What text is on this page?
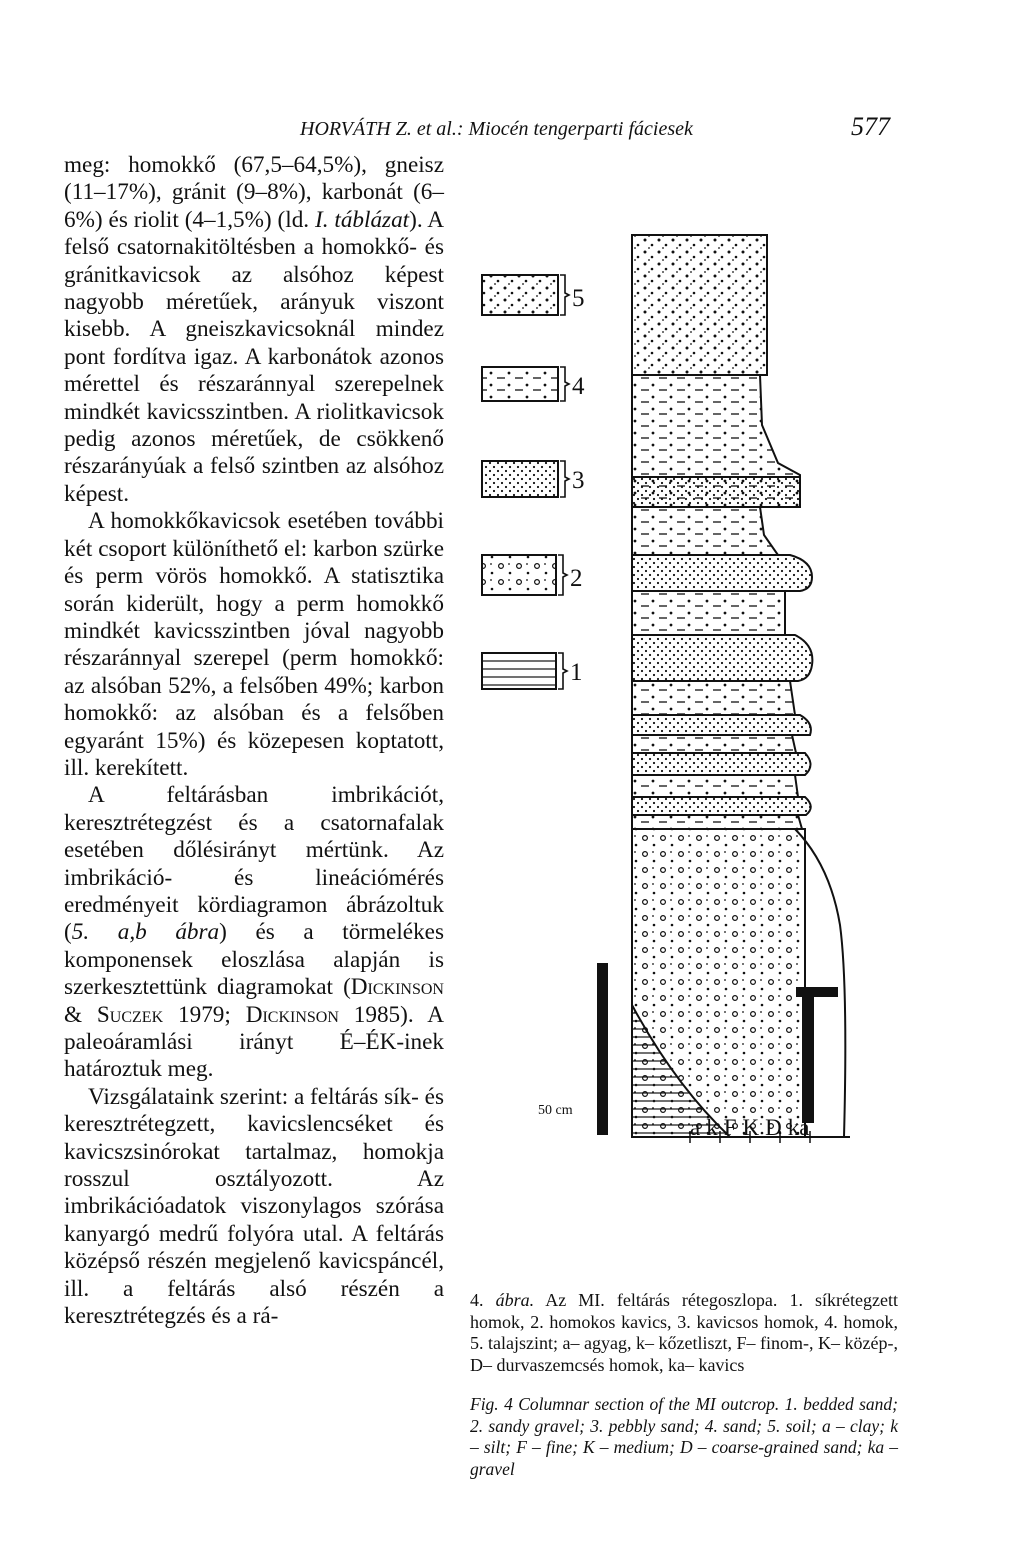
HORVÁTH Z. et al.: Miocén tengerparti fáciesek	577

meg: homokkő (67,5–64,5%), gneisz (11–17%), gránit (9–8%), karbonát (6–6%) és riolit (4–1,5%) (ld. I. táblázat). A felső csatornakitöltésben a homokkő- és gránitkavicsok az alsóhoz képest nagyobb méretűek, arányuk viszont kisebb. A gneiszkavicsoknál mindez pont fordítva igaz. A karbonátok azonos mérettel és részaránnyal szerepelnek mindkét kavicsszintben. A riolitkavicsok pedig azonos méretűek, de csökkenő részarányúak a felső szintben az alsóhoz képest.

A homokkőkavicsok esetében további két csoport különíthető el: karbon szürke és perm vörös homokkő. A statisztika során kiderült, hogy a perm homokkő mindkét kavicsszintben jóval nagyobb részaránnyal szerepel (perm homokkő: az alsóban 52%, a felsőben 49%; karbon homokkő: az alsóban és a felsőben egyaránt 15%) és közepesen koptatott, ill. kerekített.

A feltárásban imbrikációt, keresztrétegzést és a csatornafalak esetében dőlésirányt mértünk. Az imbrikáció- és lineációmérés eredményeit kördiagramon ábrázoltuk (5. a,b ábra) és a törmelékes komponensek eloszlása alapján is szerkesztettünk diagramokat (Dickinson & Suczek 1979; Dickinson 1985). A paleoáramlási irányt É–ÉK-inek határoztuk meg.

Vizsgálataink szerint: a feltárás sík- és keresztrétegzett, kavicslencséket és kavicszsinórokat tartalmaz, homokja rosszul osztályozott. Az imbrikációadatok viszonylagos szórása kanyargó medrű folyóra utal. A feltárás középső részén megjelenő kavicspáncél, ill. a feltárás alsó részén a keresztrétegzés és a rá-

5
4
3
2
1
50 cm
a k F K D ka
4. ábra. Az MI. feltárás rétegoszlopa. 1. síkrétegzett homok, 2. homokos kavics, 3. kavicsos homok, 4. homok, 5. talajszint; a– agyag, k– kőzetliszt, F– finom-, K– közép-, D– durvaszemcsés homok, ka– kavics
Fig. 4 Columnar section of the MI outcrop. 1. bedded sand; 2. sandy gravel; 3. pebbly sand; 4. sand; 5. soil; a – clay; k – silt; F – fine; K – medium; D – coarse-grained sand; ka – gravel
